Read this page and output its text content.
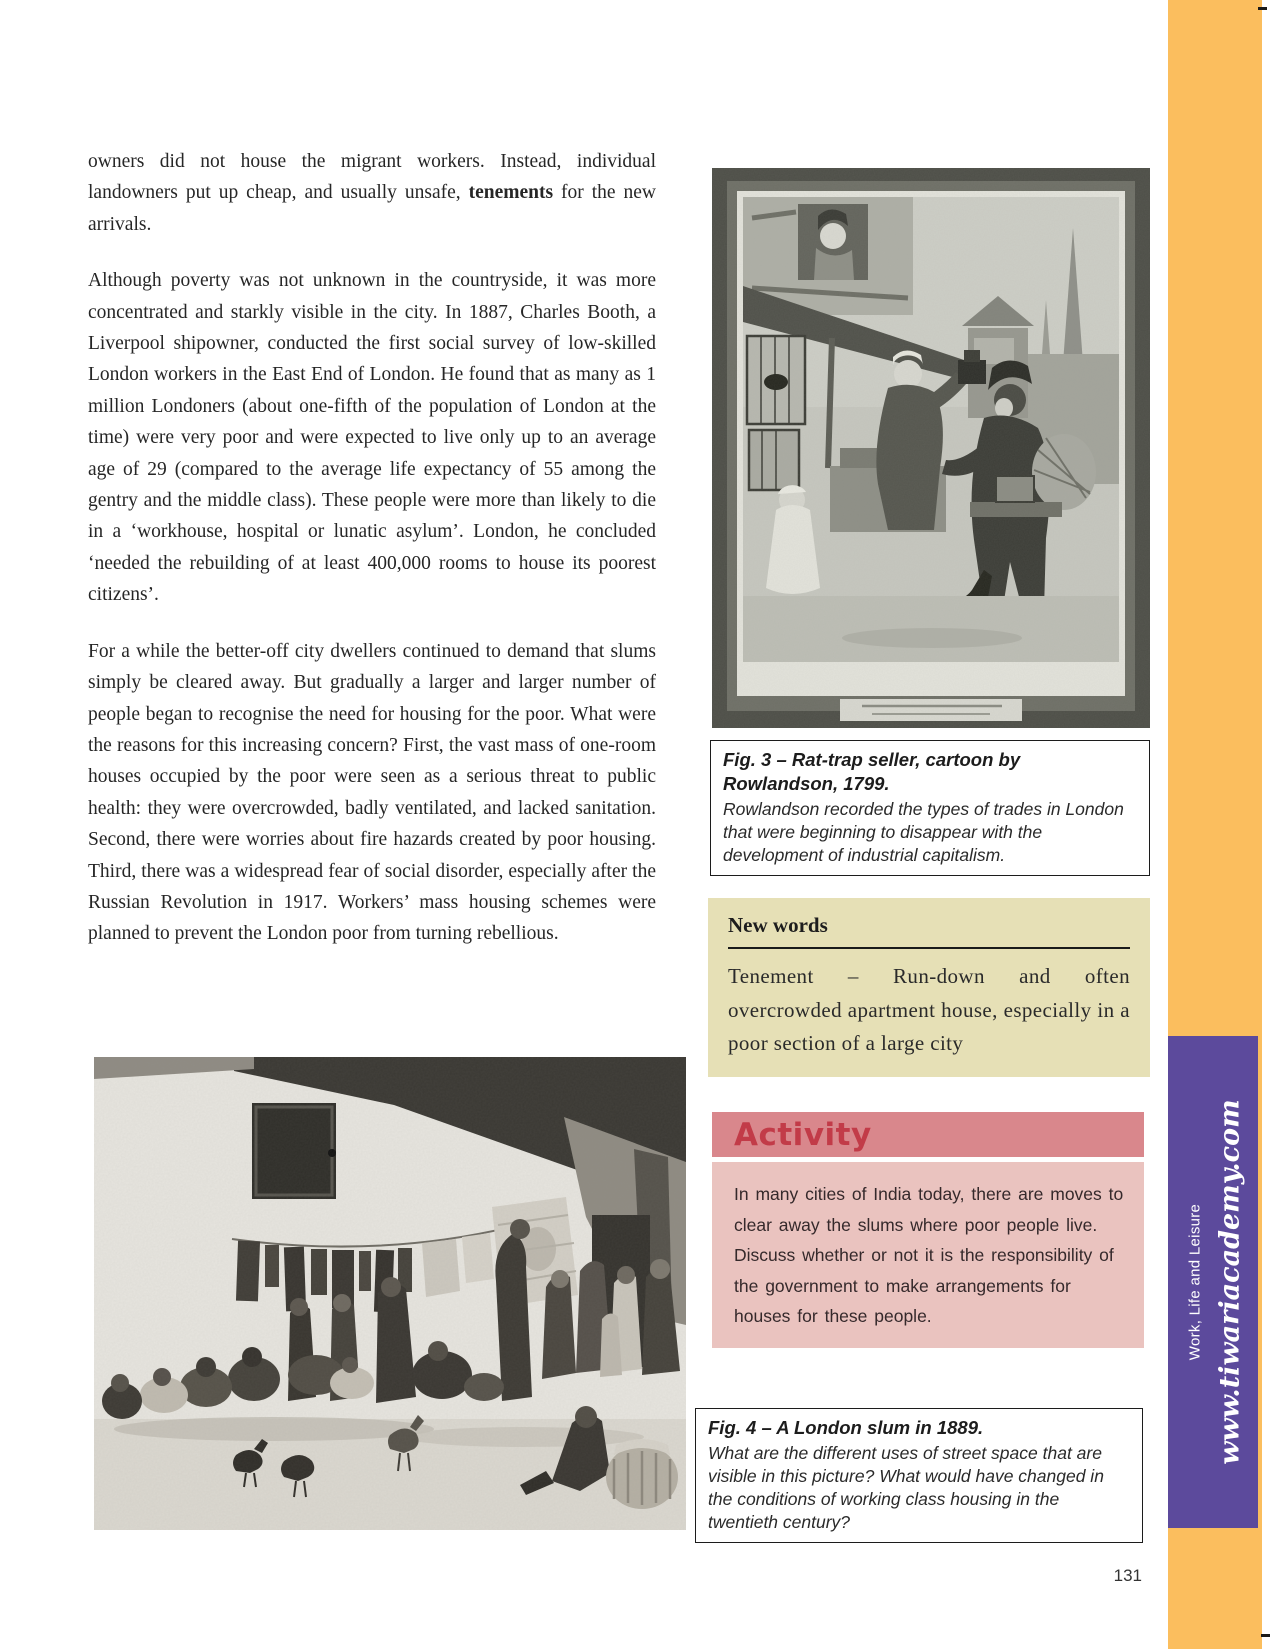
Work, Life and Leisure www.tiwariacademy.com

owners did not house the migrant workers. Instead, individual landowners put up cheap, and usually unsafe, tenements for the new arrivals.

Although poverty was not unknown in the countryside, it was more concentrated and starkly visible in the city. In 1887, Charles Booth, a Liverpool shipowner, conducted the first social survey of low-skilled London workers in the East End of London. He found that as many as 1 million Londoners (about one-fifth of the population of London at the time) were very poor and were expected to live only up to an average age of 29 (compared to the average life expectancy of 55 among the gentry and the middle class). These people were more than likely to die in a ‘workhouse, hospital or lunatic asylum’. London, he concluded ‘needed the rebuilding of at least 400,000 rooms to house its poorest citizens’.

For a while the better-off city dwellers continued to demand that slums simply be cleared away. But gradually a larger and larger number of people began to recognise the need for housing for the poor. What were the reasons for this increasing concern? First, the vast mass of one-room houses occupied by the poor were seen as a serious threat to public health: they were overcrowded, badly ventilated, and lacked sanitation. Second, there were worries about fire hazards created by poor housing. Third, there was a widespread fear of social disorder, especially after the Russian Revolution in 1917. Workers’ mass housing schemes were planned to prevent the London poor from turning rebellious.

Fig. 3 – Rat-trap seller, cartoon by Rowlandson, 1799.
Rowlandson recorded the types of trades in London that were beginning to disappear with the development of industrial capitalism.
New words
Tenement – Run-down and often overcrowded apartment house, especially in a poor section of a large city
Activity
In many cities of India today, there are moves to clear away the slums where poor people live. Discuss whether or not it is the responsibility of the government to make arrangements for houses for these people.
Fig. 4 – A London slum in 1889.
What are the different uses of street space that are visible in this picture? What would have changed in the conditions of working class housing in the twentieth century?
131
